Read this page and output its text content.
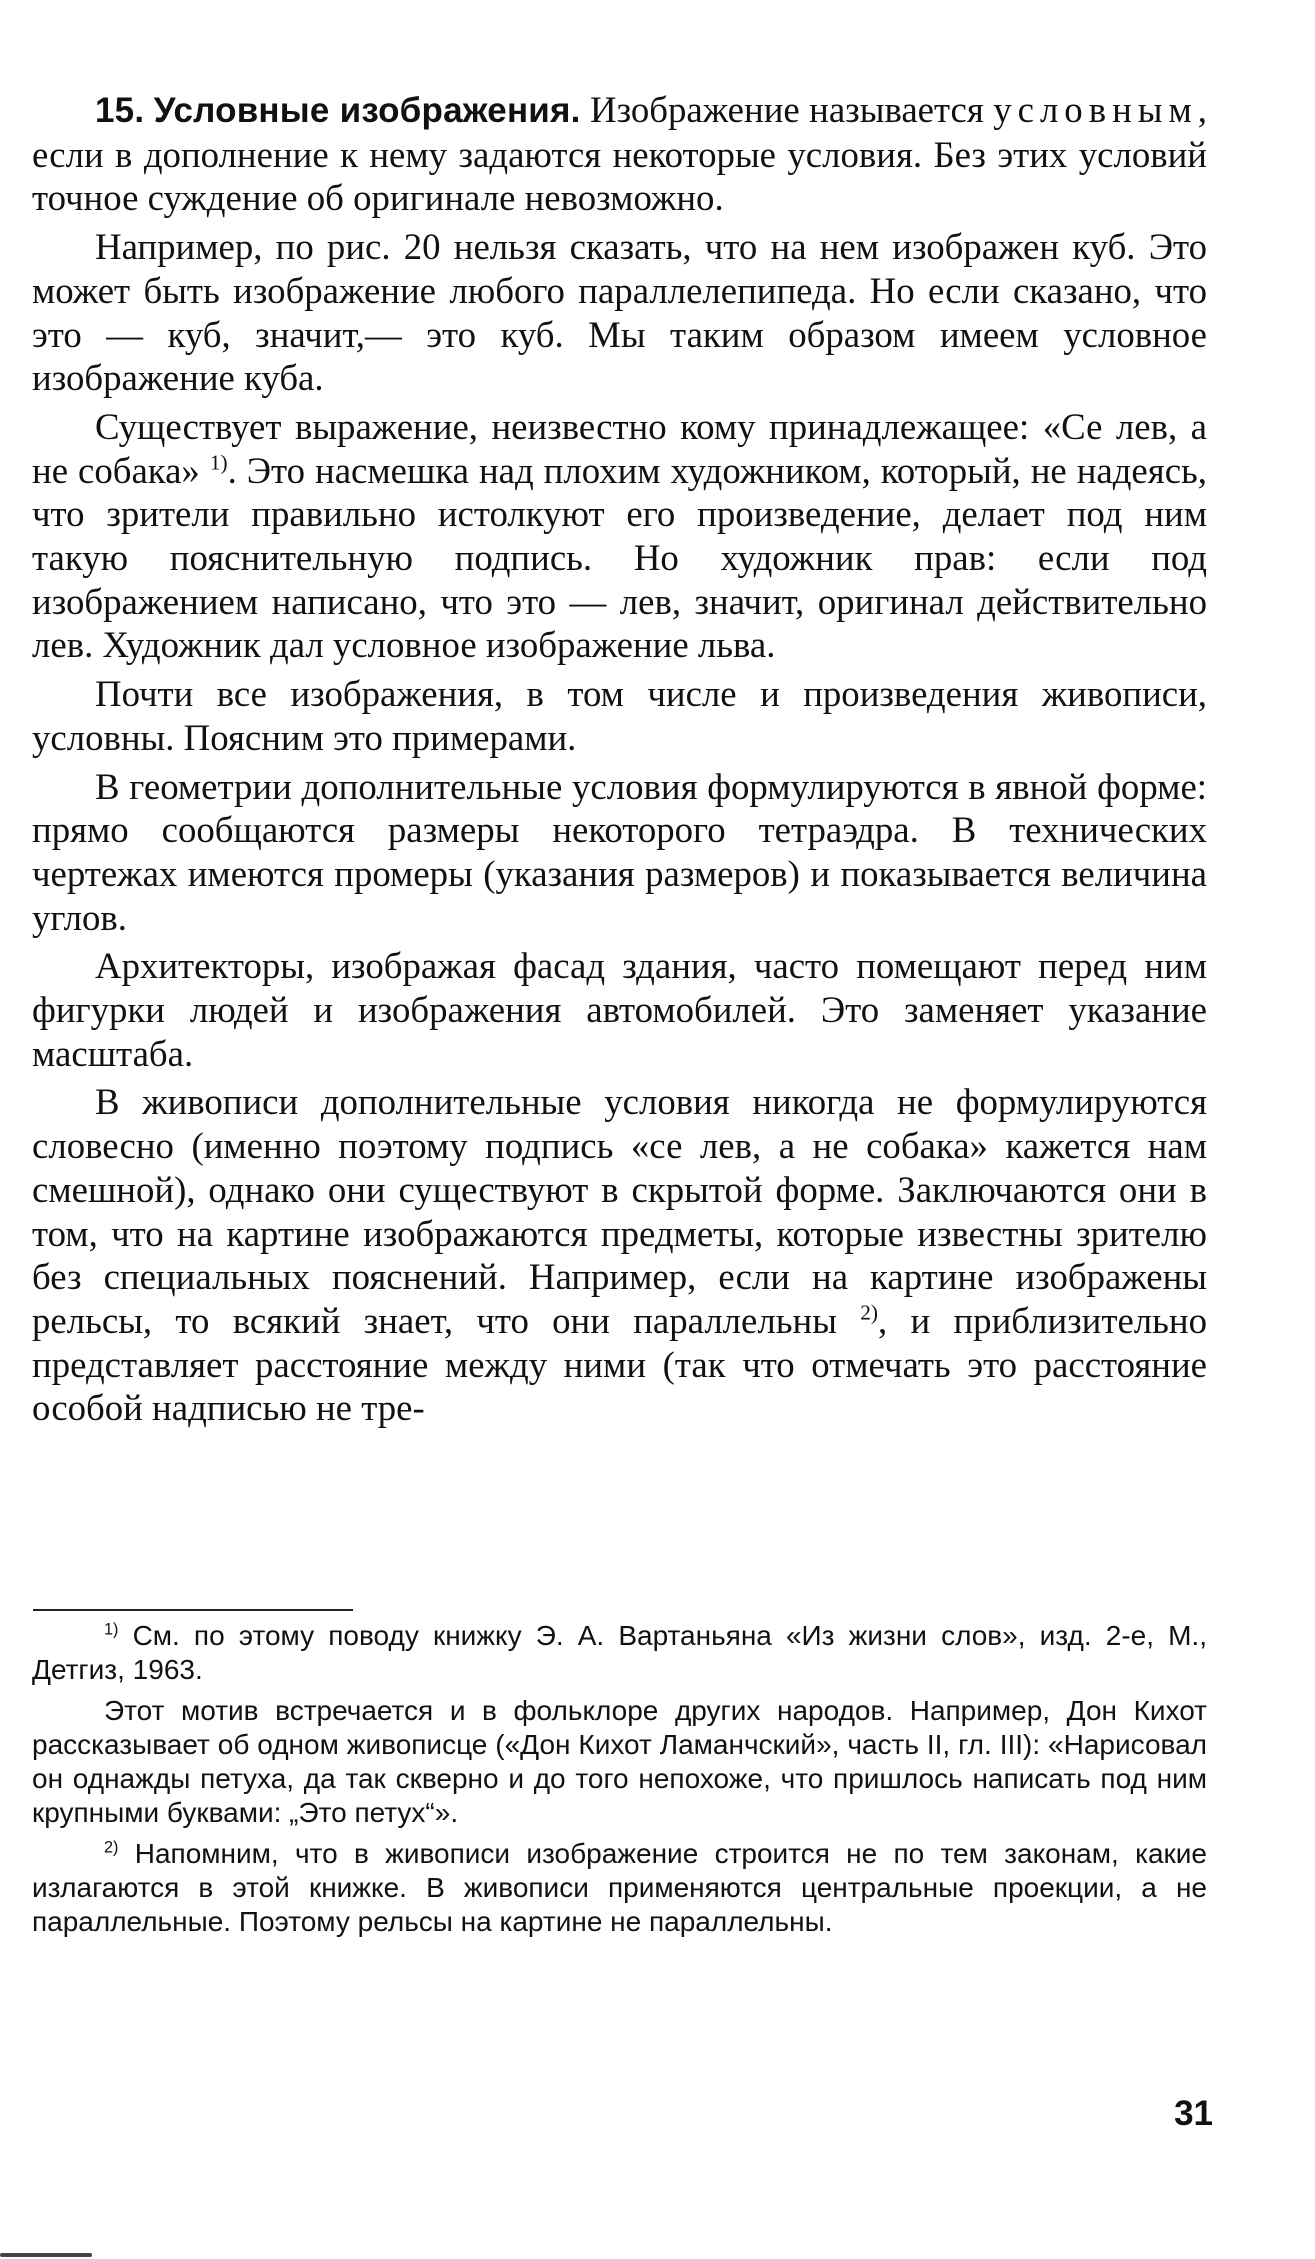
15. Условные изображения. Изображение называется условным, если в дополнение к нему задаются некоторые условия. Без этих условий точное суждение об оригинале невозможно.

Например, по рис. 20 нельзя сказать, что на нем изображен куб. Это может быть изображение любого параллелепипеда. Но если сказано, что это — куб, значит,— это куб. Мы таким образом имеем условное изображение куба.

Существует выражение, неизвестно кому принадлежащее: «Се лев, а не собака» $^{1)}$. Это насмешка над плохим художником, который, не надеясь, что зрители правильно истолкуют его произведение, делает под ним такую пояснительную подпись. Но художник прав: если под изображением написано, что это — лев, значит, оригинал действительно лев. Художник дал условное изображение льва.

Почти все изображения, в том числе и произведения живописи, условны. Поясним это примерами.

В геометрии дополнительные условия формулируются в явной форме: прямо сообщаются размеры некоторого тетраэдра. В технических чертежах имеются промеры (указания размеров) и показывается величина углов.

Архитекторы, изображая фасад здания, часто помещают перед ним фигурки людей и изображения автомобилей. Это заменяет указание масштаба.

В живописи дополнительные условия никогда не формулируются словесно (именно поэтому подпись «се лев, а не собака» кажется нам смешной), однако они существуют в скрытой форме. Заключаются они в том, что на картине изображаются предметы, которые известны зрителю без специальных пояснений. Например, если на картине изображены рельсы, то всякий знает, что они параллельны $^{2)}$, и приблизительно представляет расстояние между ними (так что отмечать это расстояние особой надписью не тре-

$^{1)}$ См. по этому поводу книжку Э. А. Вартаньяна «Из жизни слов», изд. 2-е, М., Детгиз, 1963.

Этот мотив встречается и в фольклоре других народов. Например, Дон Кихот рассказывает об одном живописце («Дон Кихот Ламанчский», часть II, гл. III): «Нарисовал он однажды петуха, да так скверно и до того непохоже, что пришлось написать под ним крупными буквами: „Это петух“».

$^{2)}$ Напомним, что в живописи изображение строится не по тем законам, какие излагаются в этой книжке. В живописи применяются центральные проекции, а не параллельные. Поэтому рельсы на картине не параллельны.

31
